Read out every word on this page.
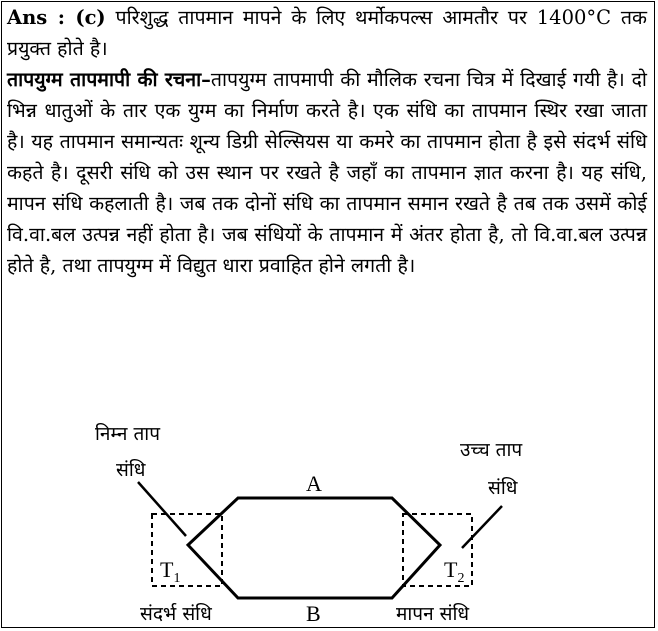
Ans : (c) परिशुद्ध तापमान मापने के लिए थर्मोकपल्स आमतौर पर 1400°C तक प्रयुक्त होते है।
तापयुग्म तापमापी की रचना–तापयुग्म तापमापी की मौलिक रचना चित्र में दिखाई गयी है। दो भिन्न धातुओं के तार एक युग्म का निर्माण करते है। एक संधि का तापमान स्थिर रखा जाता है। यह तापमान समान्यतः शून्य डिग्री सेल्सियस या कमरे का तापमान होता है इसे संदर्भ संधि कहते है। दूसरी संधि को उस स्थान पर रखते है जहाँ का तापमान ज्ञात करना है। यह संधि, मापन संधि कहलाती है। जब तक दोनों संधि का तापमान समान रखते है तब तक उसमें कोई वि.वा.बल उत्पन्न नहीं होता है। जब संधियों के तापमान में अंतर होता है, तो वि.वा.बल उत्पन्न होते है, तथा तापयुग्म में विद्युत धारा प्रवाहित होने लगती है।
निम्न ताप
संधि
उच्च ताप
संधि
A
B
$T_1$	$T_2$
संदर्भ संधि	मापन संधि
